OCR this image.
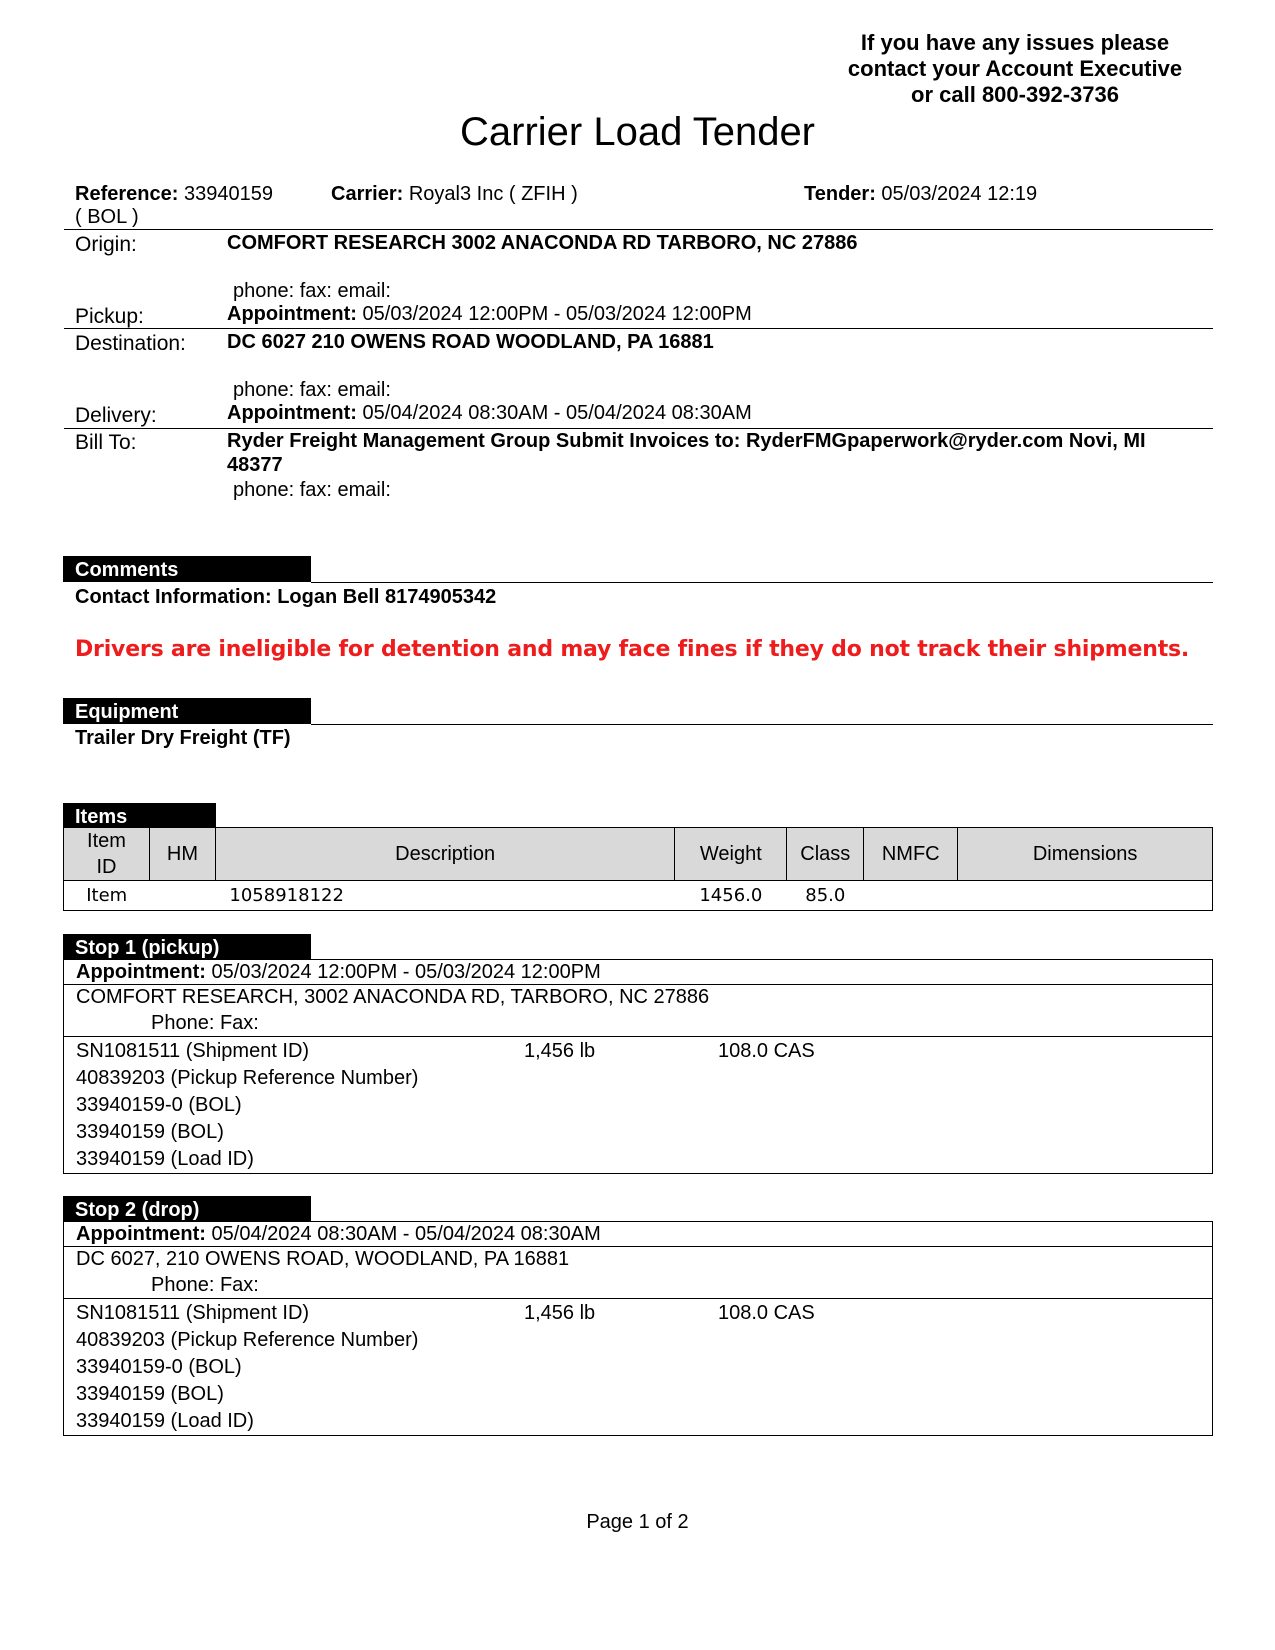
If you have any issues please
contact your Account Executive
or call 800-392-3736
Carrier Load Tender
Reference: 33940159
( BOL )
Carrier: Royal3 Inc ( ZFIH )	Tender: 05/03/2024 12:19
Origin:	COMFORT RESEARCH 3002 ANACONDA RD TARBORO, NC 27886
phone: fax: email:
Pickup:	Appointment: 05/03/2024 12:00PM - 05/03/2024 12:00PM
Destination: DC 6027 210 OWENS ROAD WOODLAND, PA 16881
phone: fax: email:
Delivery:	Appointment: 05/04/2024 08:30AM - 05/04/2024 08:30AM
Bill To:	Ryder Freight Management Group Submit Invoices to: RyderFMGpaperwork@ryder.com Novi, MI
48377
phone: fax: email:
Comments
Contact Information: Logan Bell 8174905342
Drivers are ineligible for detention and may face fines if they do not track their shipments.
Equipment
Trailer Dry Freight (TF)
Items
Item ID	HM	Description	Weight	Class	NMFC	Dimensions
Item		1058918122	1456.0	85.0		
Stop 1 (pickup)
Appointment: 05/03/2024 12:00PM - 05/03/2024 12:00PM
COMFORT RESEARCH, 3002 ANACONDA RD, TARBORO, NC 27886
Phone: Fax:
SN1081511 (Shipment ID)	1,456 lb	108.0 CAS
40839203 (Pickup Reference Number)
33940159-0 (BOL)
33940159 (BOL)
33940159 (Load ID)
Stop 2 (drop)
Appointment: 05/04/2024 08:30AM - 05/04/2024 08:30AM
DC 6027, 210 OWENS ROAD, WOODLAND, PA 16881
Phone: Fax:
SN1081511 (Shipment ID)	1,456 lb	108.0 CAS
40839203 (Pickup Reference Number)
33940159-0 (BOL)
33940159 (BOL)
33940159 (Load ID)
Page 1 of 2
